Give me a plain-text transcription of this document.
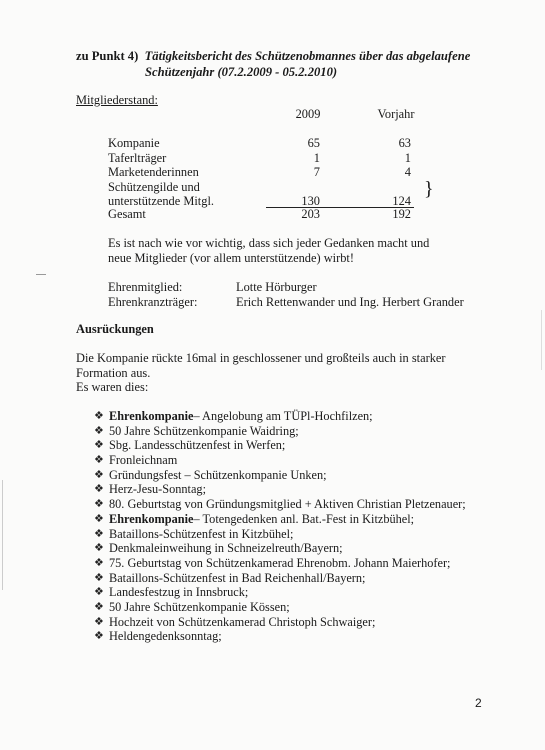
zu Punkt 4) Tätigkeitsbericht des Schützenobmannes über das abgelaufene
Schützenjahr (07.2.2009 - 05.2.2010)
Mitgliederstand:
2009	Vorjahr
Kompanie	65	63
Taferlträger	1	1
Marketenderinnen	7	4
Schützengilde und
unterstützende Mitgl.	130	124
}
Gesamt	203	192
Es ist nach wie vor wichtig, dass sich jeder Gedanken macht und
neue Mitglieder (vor allem unterstützende) wirbt!
Ehrenmitglied:	Lotte Hörburger
Ehrenkranzträger:	Erich Rettenwander und Ing. Herbert Grander
Ausrückungen
Die Kompanie rückte 16mal in geschlossener und großteils auch in starker
Formation aus.
Es waren dies:
❖ Ehrenkompanie – Angelobung am TÜPl-Hochfilzen;
❖ 50 Jahre Schützenkompanie Waidring;
❖ Sbg. Landesschützenfest in Werfen;
❖ Fronleichnam
❖ Gründungsfest – Schützenkompanie Unken;
❖ Herz-Jesu-Sonntag;
❖ 80. Geburtstag von Gründungsmitglied + Aktiven Christian Pletzenauer;
❖ Ehrenkompanie – Totengedenken anl. Bat.-Fest in Kitzbühel;
❖ Bataillons-Schützenfest in Kitzbühel;
❖ Denkmaleinweihung in Schneizelreuth/Bayern;
❖ 75. Geburtstag von Schützenkamerad Ehrenobm. Johann Maierhofer;
❖ Bataillons-Schützenfest in Bad Reichenhall/Bayern;
❖ Landesfestzug in Innsbruck;
❖ 50 Jahre Schützenkompanie Kössen;
❖ Hochzeit von Schützenkamerad Christoph Schwaiger;
❖ Heldengedenksonntag;
2
